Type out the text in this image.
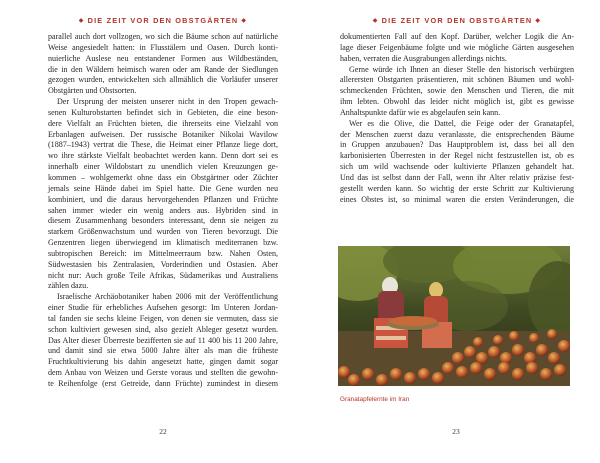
◆ DIE ZEIT VOR DEN OBSTGÄRTEN ◆
parallel auch dort vollzogen, wo sich die Bäume schon auf natürliche
Weise angesiedelt hatten: in Flusstälern und Oasen. Durch konti-
nuierliche Auslese neu entstandener Formen aus Wildbeständen,
die in den Wäldern heimisch waren oder am Rande der Siedlungen
gezogen wurden, entwickelten sich allmählich die Vorläufer unserer
Obstgärten und Obstsorten.
Der Ursprung der meisten unserer nicht in den Tropen gewach-
senen Kulturobstarten befindet sich in Gebieten, die eine beson-
dere Vielfalt an Früchten bieten, die ihrerseits eine Vielzahl von
Erbanlagen aufweisen. Der russische Botaniker Nikolai Wavilow
(1887–1943) vertrat die These, die Heimat einer Pflanze liege dort,
wo ihre stärkste Vielfalt beobachtet werden kann. Denn dort sei es
innerhalb einer Wildobstart zu unendlich vielen Kreuzungen ge-
kommen – wohlgemerkt ohne dass ein Obstgärtner oder Züchter
jemals seine Hände dabei im Spiel hatte. Die Gene wurden neu
kombiniert, und die daraus hervorgehenden Pflanzen und Früchte
sahen immer wieder ein wenig anders aus. Hybriden sind in
diesem Zusammenhang besonders interessant, denn sie neigen zu
starkem Größenwachstum und wurden von Tieren bevorzugt. Die
Genzentren liegen überwiegend im klimatisch mediterranen bzw.
subtropischen Bereich: im Mittelmeerraum bzw. Nahen Osten,
Südwestasien bis Zentralasien, Vorderindien und Ostasien. Aber
nicht nur: Auch große Teile Afrikas, Südamerikas und Australiens
zählen dazu.
Israelische Archäobotaniker haben 2006 mit der Veröffentlichung
einer Studie für erhebliches Aufsehen gesorgt: Im Unteren Jordan-
tal fanden sie sechs kleine Feigen, von denen sie vermuten, dass sie
schon kultiviert gewesen sind, also gezielt Ableger gesetzt wurden.
Das Alter dieser Überreste bezifferten sie auf 11 400 bis 11 200 Jahre,
und damit sind sie etwa 5000 Jahre älter als man die früheste
Fruchtkultivierung bis dahin angesetzt hatte, gingen damit sogar
dem Anbau von Weizen und Gerste voraus und stellten die gewohn-
te Reihenfolge (erst Getreide, dann Früchte) zumindest in diesem
22
◆ DIE ZEIT VOR DEN OBSTGÄRTEN ◆
dokumentierten Fall auf den Kopf. Darüber, welcher Logik die An-
lage dieser Feigenbäume folgte und wie mögliche Gärten ausgesehen
haben, verraten die Ausgrabungen allerdings nichts.
Gerne würde ich Ihnen an dieser Stelle den historisch verbürgten
allerersten Obstgarten präsentieren, mit schönen Bäumen und wohl-
schmeckenden Früchten, sowie den Menschen und Tieren, die mit
ihm lebten. Obwohl das leider nicht möglich ist, gibt es gewisse
Anhaltspunkte dafür wie es abgelaufen sein kann.
Wer es die Olive, die Dattel, die Feige oder der Granatapfel,
der Menschen zuerst dazu veranlasste, die entsprechenden Bäume
in Gruppen anzubauen? Das Hauptproblem ist, dass bei all den
karbonisierten Überresten in der Regel nicht festzustellen ist, ob es
sich um wild wachsende oder kultivierte Pflanzen gehandelt hat.
Und das ist selbst dann der Fall, wenn ihr Alter relativ präzise fest-
gestellt werden kann. So wichtig der erste Schritt zur Kultivierung
eines Obstes ist, so minimal waren die ersten Veränderungen, die
Granatapfelernte im Iran
23
